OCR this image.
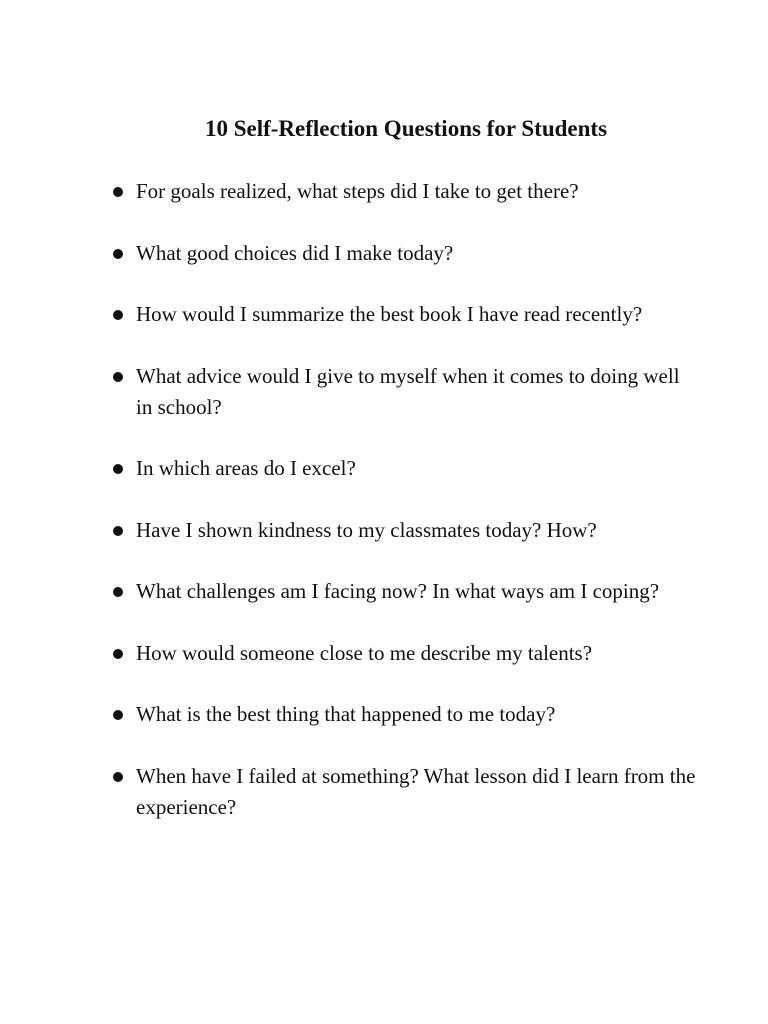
10 Self-Reflection Questions for Students
For goals realized, what steps did I take to get there?
What good choices did I make today?
How would I summarize the best book I have read recently?
What advice would I give to myself when it comes to doing well in school?
In which areas do I excel?
Have I shown kindness to my classmates today? How?
What challenges am I facing now? In what ways am I coping?
How would someone close to me describe my talents?
What is the best thing that happened to me today?
When have I failed at something? What lesson did I learn from the experience?
